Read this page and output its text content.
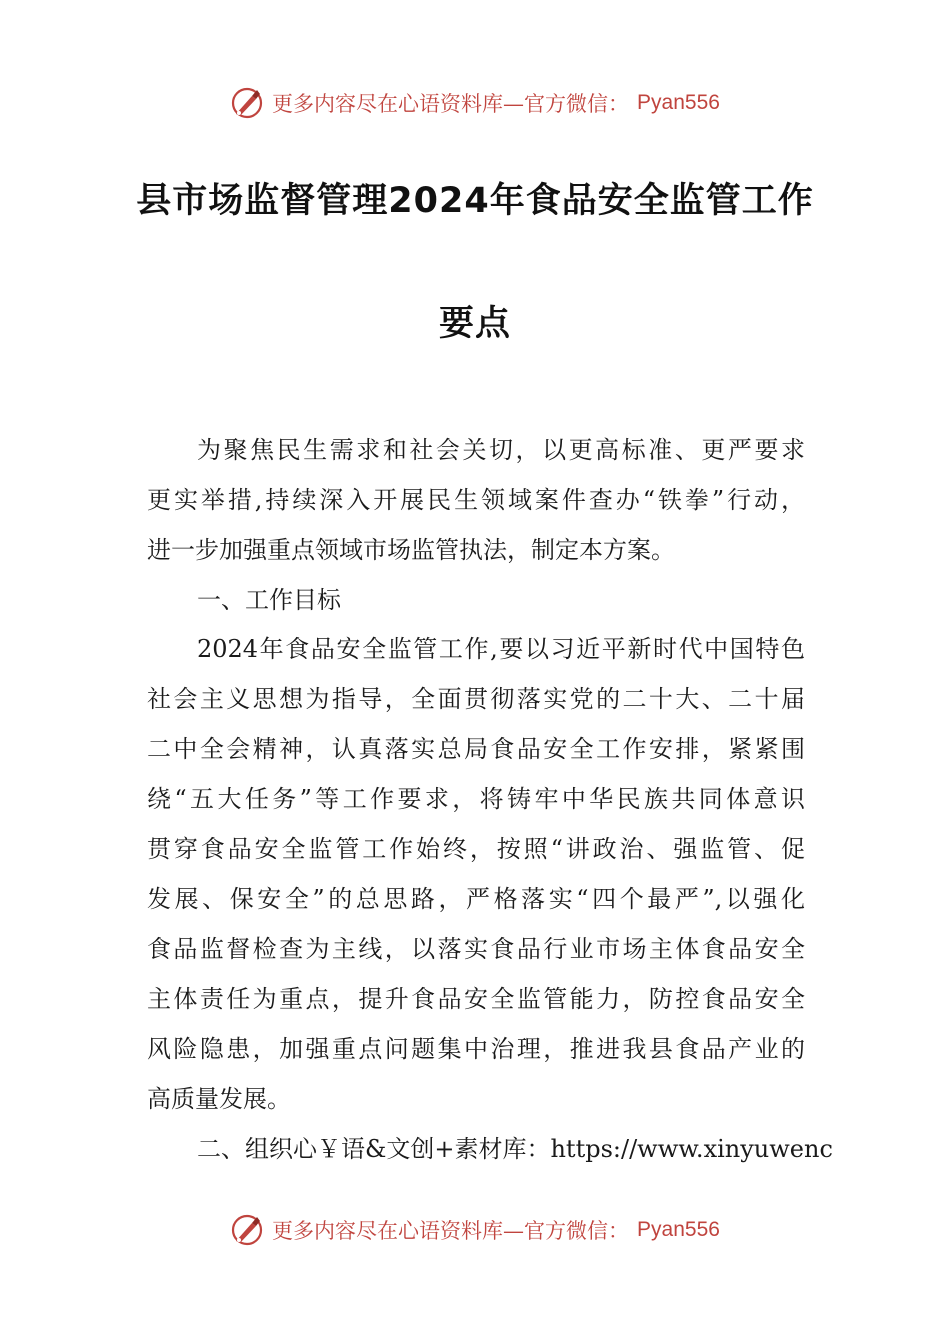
更多内容尽在心语资料库—官方微信： Pyan556
县市场监督管理2024年食品安全监管工作
要点
为聚焦民生需求和社会关切，以更高标准、更严要求
更实举措,持续深入开展民生领域案件查办“铁拳”行动，
进一步加强重点领域市场监管执法，制定本方案。
一、工作目标
2024年食品安全监管工作,要以习近平新时代中国特色
社会主义思想为指导，全面贯彻落实党的二十大、二十届
二中全会精神，认真落实总局食品安全工作安排，紧紧围
绕“五大任务”等工作要求，将铸牢中华民族共同体意识
贯穿食品安全监管工作始终，按照“讲政治、强监管、促
发展、保安全”的总思路，严格落实“四个最严”,以强化
食品监督检查为主线，以落实食品行业市场主体食品安全
主体责任为重点，提升食品安全监管能力，防控食品安全
风险隐患，加强重点问题集中治理，推进我县食品产业的
高质量发展。
二、组织心￥语&文创+素材库：https://www.xinyuwenc
更多内容尽在心语资料库—官方微信： Pyan556
